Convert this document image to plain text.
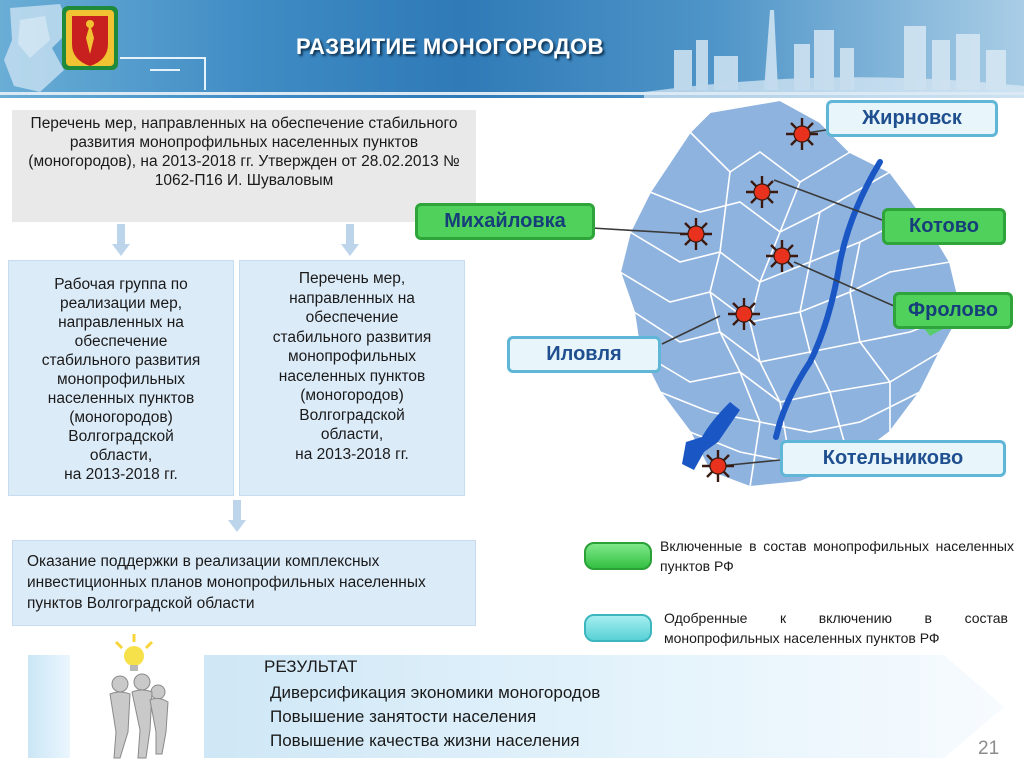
РАЗВИТИЕ МОНОГОРОДОВ
Перечень мер, направленных на обеспечение стабильного развития монопрофильных населенных пунктов (моногородов), на 2013-2018 гг. Утвержден от 28.02.2013 № 1062-П16 И. Шуваловым
Рабочая группа по
реализации мер,
направленных на
обеспечение
стабильного развития
монопрофильных
населенных пунктов
(моногородов)
Волгоградской
области,
на 2013-2018 гг.
Перечень мер,
направленных на
обеспечение
стабильного развития
монопрофильных
населенных пунктов
(моногородов)
Волгоградской
области,
на 2013-2018 гг.
Оказание поддержки в реализации комплексных инвестиционных планов монопрофильных населенных пунктов Волгоградской области
Жирновск
Михайловка	Котово
Фролово
Иловля
Котельниково
Включенные в состав монопрофильных населенных пунктов РФ
Одобренные к включению в состав монопрофильных населенных пунктов РФ
РЕЗУЛЬТАТ
Диверсификация экономики моногородов
Повышение занятости населения
Повышение качества жизни населения	21
